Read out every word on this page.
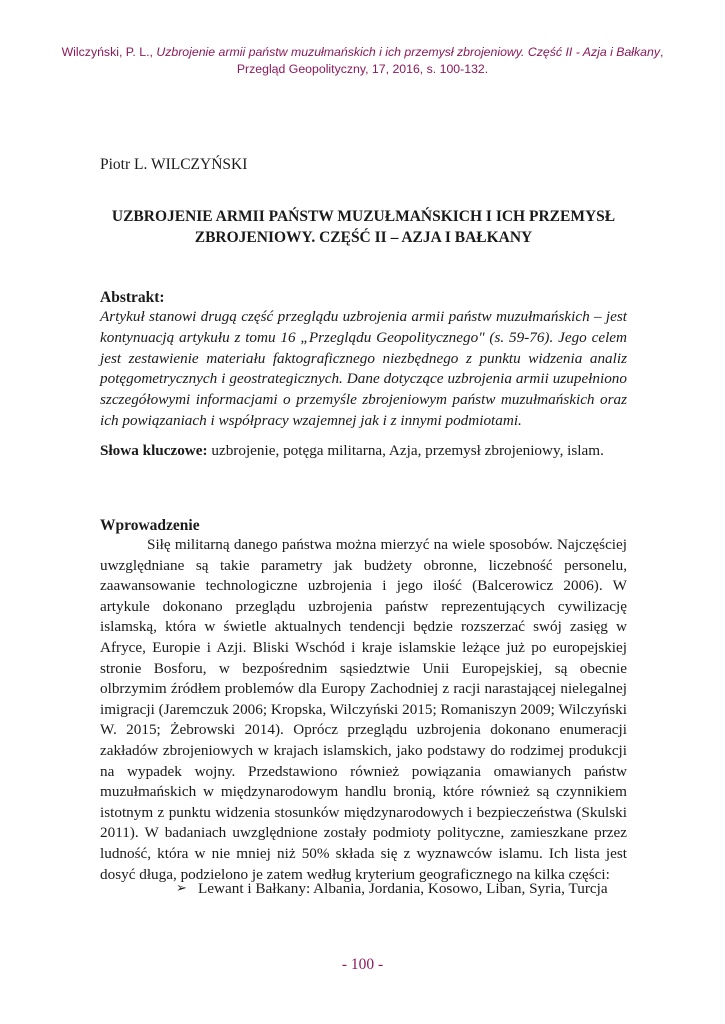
Wilczyński, P. L., Uzbrojenie armii państw muzułmańskich i ich przemysł zbrojeniowy. Część II - Azja i Bałkany, Przegląd Geopolityczny, 17, 2016, s. 100-132.
Piotr L. WILCZYŃSKI
UZBROJENIE ARMII PAŃSTW MUZUŁMAŃSKICH I ICH PRZEMYSŁ ZBROJENIOWY. CZĘŚĆ II – AZJA I BAŁKANY
Abstrakt:
Artykuł stanowi drugą część przeglądu uzbrojenia armii państw muzułmańskich – jest kontynuacją artykułu z tomu 16 „Przeglądu Geopolitycznego" (s. 59-76). Jego celem jest zestawienie materiału faktograficznego niezbędnego z punktu widzenia analiz potęgometrycznych i geostrategicznych. Dane dotyczące uzbrojenia armii uzupełniono szczegółowymi informacjami o przemyśle zbrojeniowym państw muzułmańskich oraz ich powiązaniach i współpracy wzajemnej jak i z innymi podmiotami.
Słowa kluczowe: uzbrojenie, potęga militarna, Azja, przemysł zbrojeniowy, islam.
Wprowadzenie
Siłę militarną danego państwa można mierzyć na wiele sposobów. Najczęściej uwzględniane są takie parametry jak budżety obronne, liczebność personelu, zaawansowanie technologiczne uzbrojenia i jego ilość (Balcerowicz 2006). W artykule dokonano przeglądu uzbrojenia państw reprezentujących cywilizację islamską, która w świetle aktualnych tendencji będzie rozszerzać swój zasięg w Afryce, Europie i Azji. Bliski Wschód i kraje islamskie leżące już po europejskiej stronie Bosforu, w bezpośrednim sąsiedztwie Unii Europejskiej, są obecnie olbrzymim źródłem problemów dla Europy Zachodniej z racji narastającej nielegalnej imigracji (Jaremczuk 2006; Kropska, Wilczyński 2015; Romaniszyn 2009; Wilczyński W. 2015; Żebrowski 2014). Oprócz przeglądu uzbrojenia dokonano enumeracji zakładów zbrojeniowych w krajach islamskich, jako podstawy do rodzimej produkcji na wypadek wojny. Przedstawiono również powiązania omawianych państw muzułmańskich w międzynarodowym handlu bronią, które również są czynnikiem istotnym z punktu widzenia stosunków międzynarodowych i bezpieczeństwa (Skulski 2011). W badaniach uwzględnione zostały podmioty polityczne, zamieszkane przez ludność, która w nie mniej niż 50% składa się z wyznawców islamu. Ich lista jest dosyć długa, podzielono je zatem według kryterium geograficznego na kilka części:
➢ Lewant i Bałkany: Albania, Jordania, Kosowo, Liban, Syria, Turcja
- 100 -
